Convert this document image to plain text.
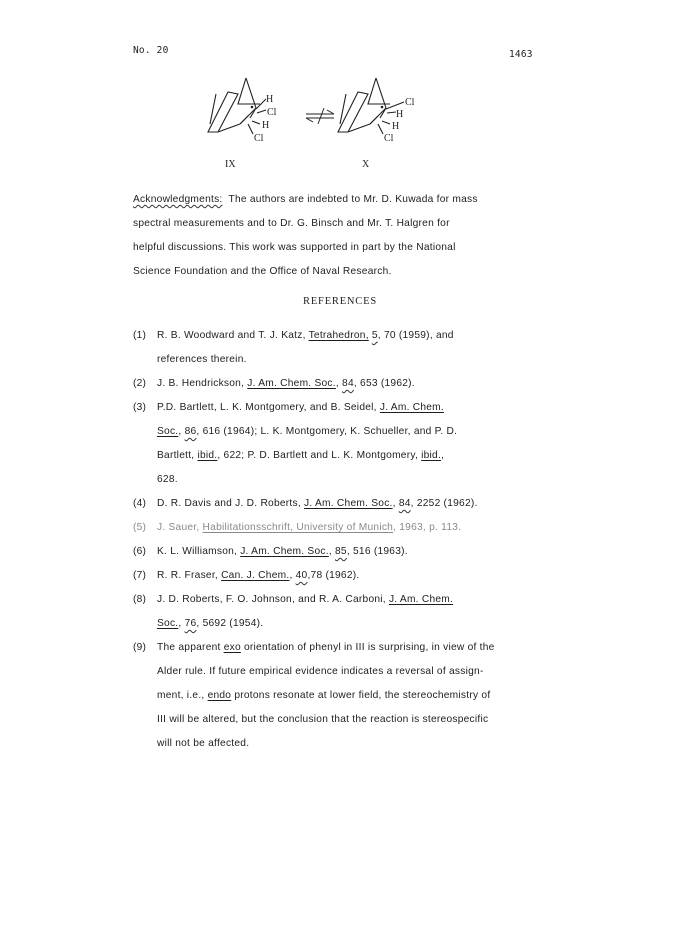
No. 20	1463
H
Cl
H
Cl
IX
Cl
H
H
Cl
X
Acknowledgments: The authors are indebted to Mr. D. Kuwada for mass
spectral measurements and to Dr. G. Binsch and Mr. T. Halgren for
helpful discussions. This work was supported in part by the National
Science Foundation and the Office of Naval Research.
REFERENCES
(1) R. B. Woodward and T. J. Katz, Tetrahedron, 5, 70 (1959), and
references therein.
(2) J. B. Hendrickson, J. Am. Chem. Soc., 84, 653 (1962).
(3) P.D. Bartlett, L. K. Montgomery, and B. Seidel, J. Am. Chem.
Soc., 86, 616 (1964); L. K. Montgomery, K. Schueller, and P. D.
Bartlett, ibid., 622; P. D. Bartlett and L. K. Montgomery, ibid.,
628.
(4) D. R. Davis and J. D. Roberts, J. Am. Chem. Soc., 84, 2252 (1962).
(5) J. Sauer, Habilitationsschrift, University of Munich, 1963, p. 113.
(6) K. L. Williamson, J. Am. Chem. Soc., 85, 516 (1963).
(7) R. R. Fraser, Can. J. Chem., 40,78 (1962).
(8) J. D. Roberts, F. O. Johnson, and R. A. Carboni, J. Am. Chem.
Soc., 76, 5692 (1954).
(9) The apparent exo orientation of phenyl in III is surprising, in view of the
Alder rule. If future empirical evidence indicates a reversal of assign-
ment, i.e., endo protons resonate at lower field, the stereochemistry of
III will be altered, but the conclusion that the reaction is stereospecific
will not be affected.
